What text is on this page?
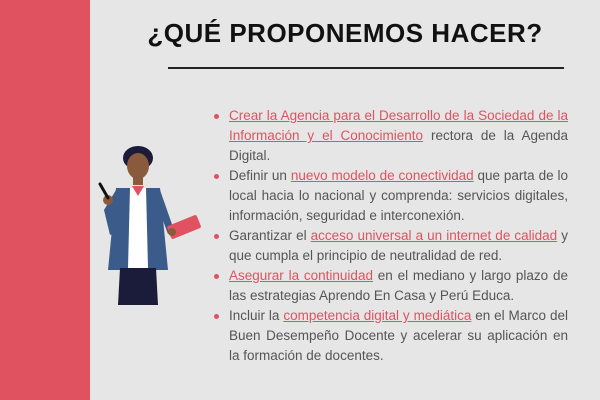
¿QUÉ PROPONEMOS HACER?
Crear la Agencia para el Desarrollo de la Sociedad de la Información y el Conocimiento rectora de la Agenda Digital.
Definir un nuevo modelo de conectividad que parta de lo local hacia lo nacional y comprenda: servicios digitales, información, seguridad e interconexión.
Garantizar el acceso universal a un internet de calidad y que cumpla el principio de neutralidad de red.
Asegurar la continuidad en el mediano y largo plazo de las estrategias Aprendo En Casa y Perú Educa.
Incluir la competencia digital y mediática en el Marco del Buen Desempeño Docente y acelerar su aplicación en la formación de docentes.
